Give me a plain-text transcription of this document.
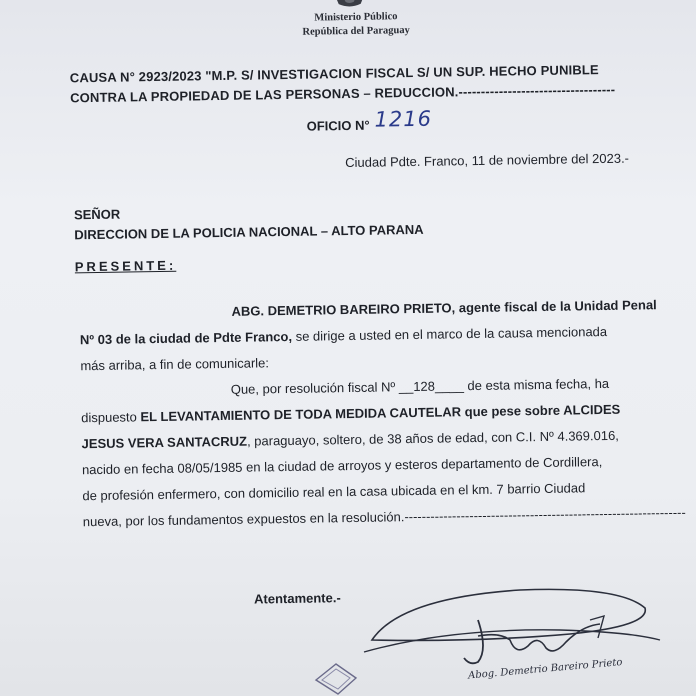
Ministerio Público
República del Paraguay
CAUSA N° 2923/2023 "M.P. S/ INVESTIGACION FISCAL S/ UN SUP. HECHO PUNIBLE
CONTRA LA PROPIEDAD DE LAS PERSONAS – REDUCCION.-----------------------------------
OFICIO N° 1216
Ciudad Pdte. Franco, 11 de noviembre del 2023.-
SEÑOR
DIRECCION DE LA POLICIA NACIONAL – ALTO PARANA
PRESENTE:
ABG. DEMETRIO BAREIRO PRIETO, agente fiscal de la Unidad Penal
Nº 03 de la ciudad de Pdte Franco, se dirige a usted en el marco de la causa mencionada
más arriba, a fin de comunicarle:
Que, por resolución fiscal Nº __128____ de esta misma fecha, ha
dispuesto EL LEVANTAMIENTO DE TODA MEDIDA CAUTELAR que pese sobre ALCIDES
JESUS VERA SANTACRUZ, paraguayo, soltero, de 38 años de edad, con C.I. Nº 4.369.016,
nacido en fecha 08/05/1985 en la ciudad de arroyos y esteros departamento de Cordillera,
de profesión enfermero, con domicilio real en la casa ubicada en el km. 7 barrio Ciudad
nueva, por los fundamentos expuestos en la resolución.-----------------------------------------------------------------
Atentamente.-
Abog. Demetrio Bareiro Prieto
